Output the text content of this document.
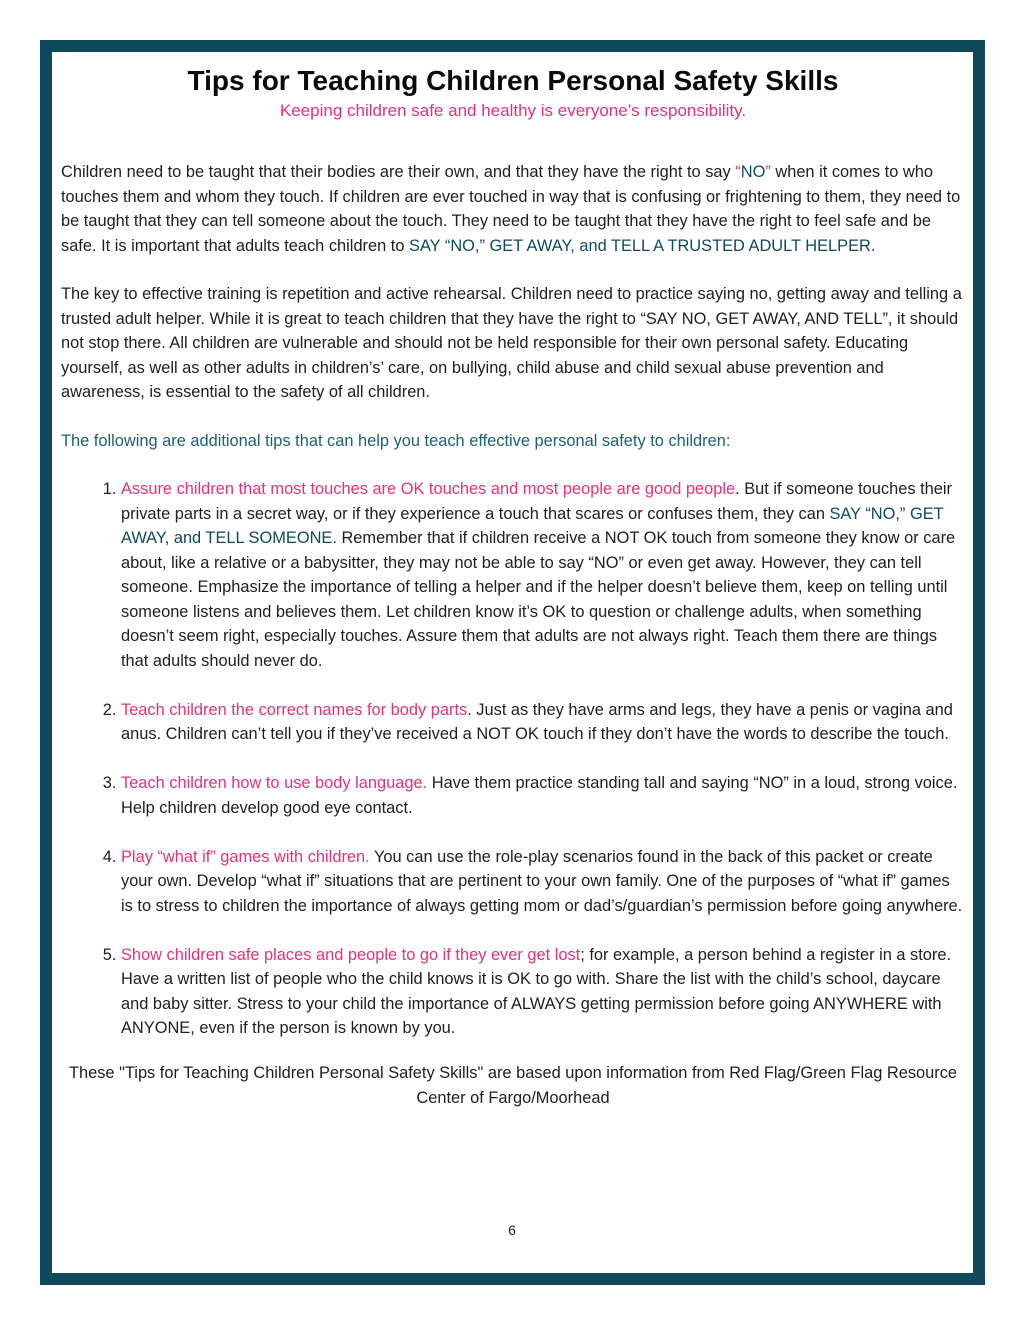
Tips for Teaching Children Personal Safety Skills
Keeping children safe and healthy is everyone’s responsibility.

Children need to be taught that their bodies are their own, and that they have the right to say “NO” when it comes to who touches them and whom they touch. If children are ever touched in way that is confusing or frightening to them, they need to be taught that they can tell someone about the touch. They need to be taught that they have the right to feel safe and be safe. It is important that adults teach children to SAY “NO,” GET AWAY, and TELL A TRUSTED ADULT HELPER.

The key to effective training is repetition and active rehearsal. Children need to practice saying no, getting away and telling a trusted adult helper. While it is great to teach children that they have the right to “SAY NO, GET AWAY, AND TELL”, it should not stop there. All children are vulnerable and should not be held responsible for their own personal safety. Educating yourself, as well as other adults in children’s’ care, on bullying, child abuse and child sexual abuse prevention and awareness, is essential to the safety of all children.

The following are additional tips that can help you teach effective personal safety to children:

1. Assure children that most touches are OK touches and most people are good people. But if someone touches their private parts in a secret way, or if they experience a touch that scares or confuses them, they can SAY “NO,” GET AWAY, and TELL SOMEONE. Remember that if children receive a NOT OK touch from someone they know or care about, like a relative or a babysitter, they may not be able to say “NO” or even get away. However, they can tell someone. Emphasize the importance of telling a helper and if the helper doesn’t believe them, keep on telling until someone listens and believes them. Let children know it’s OK to question or challenge adults, when something doesn’t seem right, especially touches. Assure them that adults are not always right. Teach them there are things that adults should never do.
2. Teach children the correct names for body parts. Just as they have arms and legs, they have a penis or vagina and anus. Children can’t tell you if they’ve received a NOT OK touch if they don’t have the words to describe the touch.
3. Teach children how to use body language. Have them practice standing tall and saying “NO” in a loud, strong voice. Help children develop good eye contact.
4. Play “what if” games with children. You can use the role-play scenarios found in the back of this packet or create your own. Develop “what if” situations that are pertinent to your own family. One of the purposes of “what if” games is to stress to children the importance of always getting mom or dad’s/guardian’s permission before going anywhere.
5. Show children safe places and people to go if they ever get lost; for example, a person behind a register in a store. Have a written list of people who the child knows it is OK to go with. Share the list with the child’s school, daycare and baby sitter. Stress to your child the importance of ALWAYS getting permission before going ANYWHERE with ANYONE, even if the person is known by you.

These "Tips for Teaching Children Personal Safety Skills" are based upon information from Red Flag/Green Flag Resource Center of Fargo/Moorhead

6
